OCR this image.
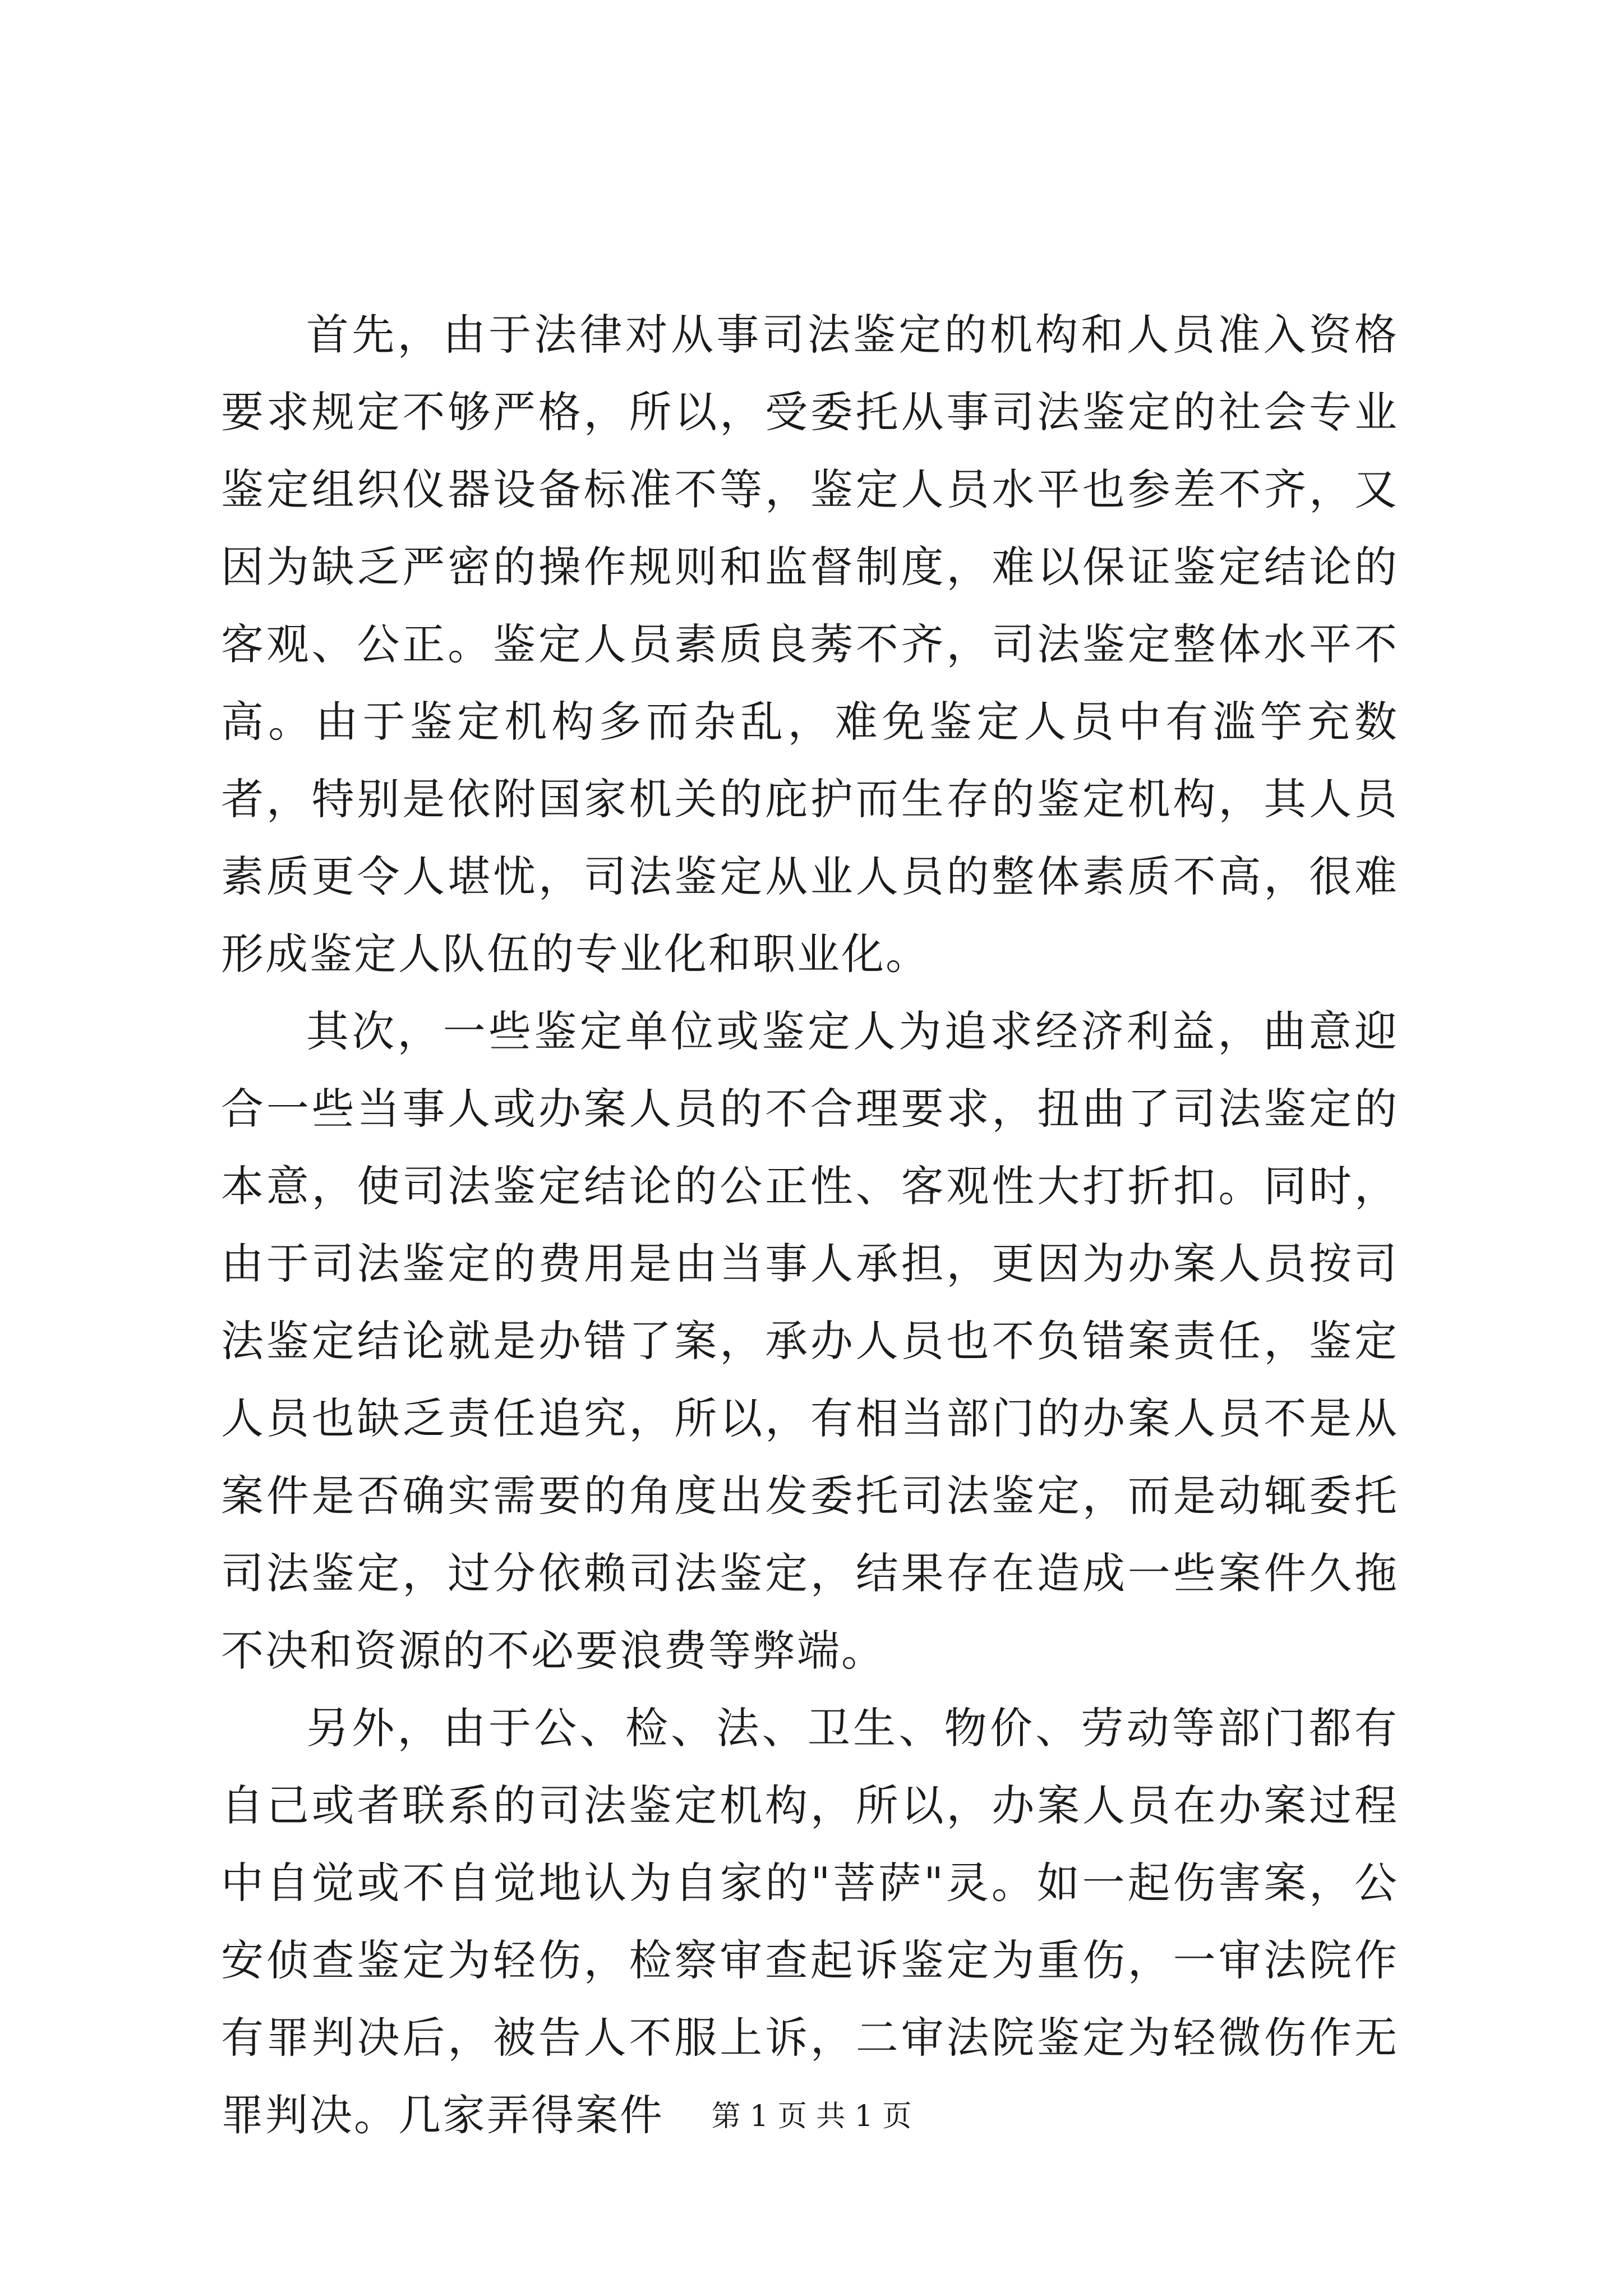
首先，由于法律对从事司法鉴定的机构和人员准入资格要求规定不够严格，所以，受委托从事司法鉴定的社会专业鉴定组织仪器设备标准不等，鉴定人员水平也参差不齐，又因为缺乏严密的操作规则和监督制度，难以保证鉴定结论的客观、公正。鉴定人员素质良莠不齐，司法鉴定整体水平不高。由于鉴定机构多而杂乱，难免鉴定人员中有滥竽充数者，特别是依附国家机关的庇护而生存的鉴定机构，其人员素质更令人堪忧，司法鉴定从业人员的整体素质不高，很难形成鉴定人队伍的专业化和职业化。

其次，一些鉴定单位或鉴定人为追求经济利益，曲意迎合一些当事人或办案人员的不合理要求，扭曲了司法鉴定的本意，使司法鉴定结论的公正性、客观性大打折扣。同时，由于司法鉴定的费用是由当事人承担，更因为办案人员按司法鉴定结论就是办错了案，承办人员也不负错案责任，鉴定人员也缺乏责任追究，所以，有相当部门的办案人员不是从案件是否确实需要的角度出发委托司法鉴定，而是动辄委托司法鉴定，过分依赖司法鉴定，结果存在造成一些案件久拖不决和资源的不必要浪费等弊端。

另外，由于公、检、法、卫生、物价、劳动等部门都有自己或者联系的司法鉴定机构，所以，办案人员在办案过程中自觉或不自觉地认为自家的"菩萨"灵。如一起伤害案，公安侦查鉴定为轻伤，检察审查起诉鉴定为重伤，一审法院作有罪判决后，被告人不服上诉，二审法院鉴定为轻微伤作无罪判决。几家弄得案件	第 1 页 共 1 页
